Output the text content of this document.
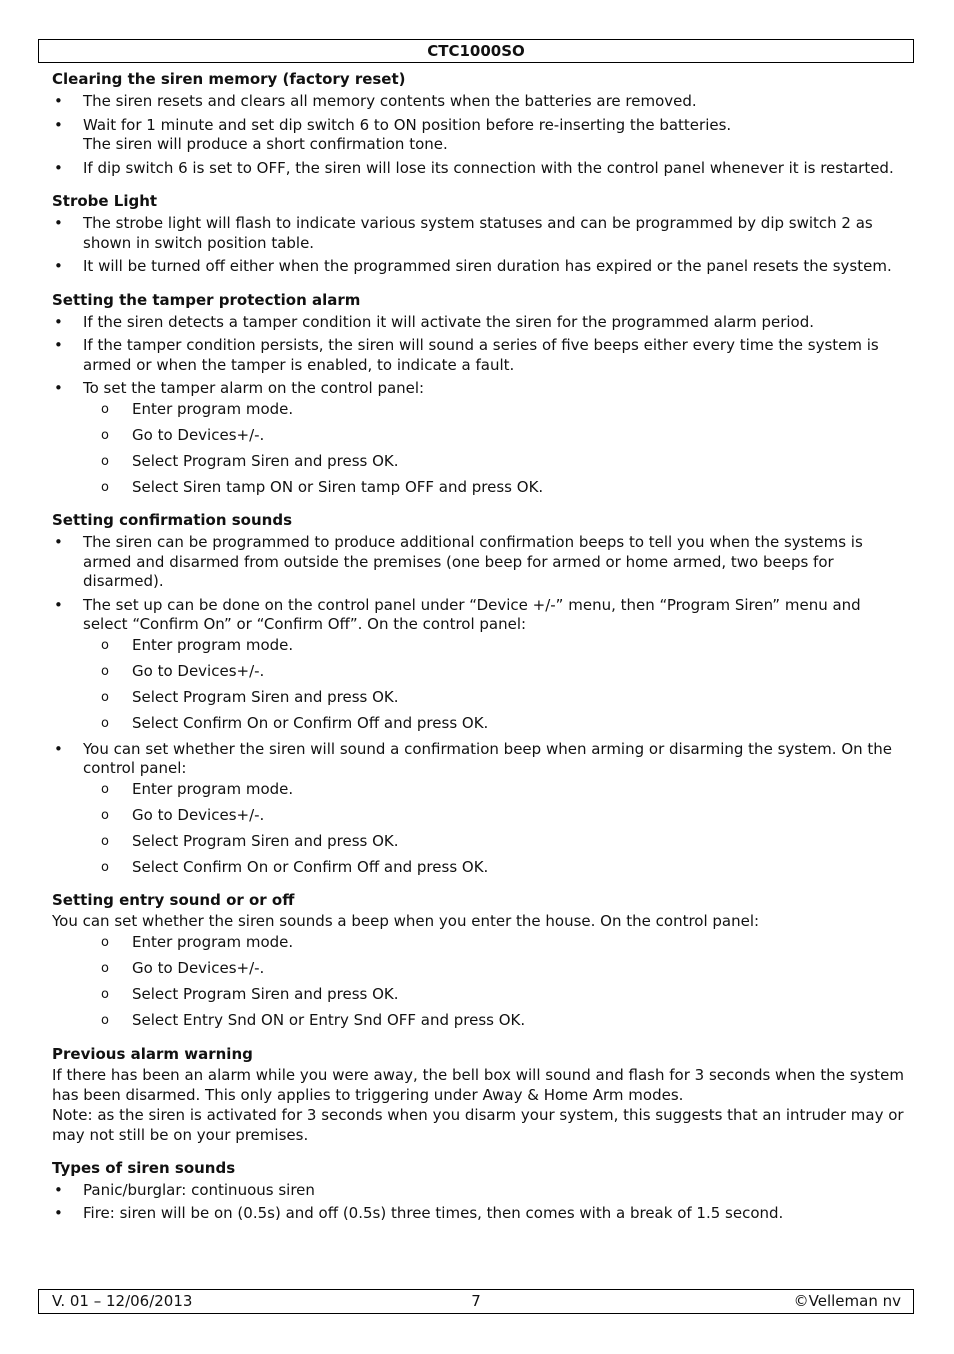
CTC1000SO

Clearing the siren memory (factory reset)

• The siren resets and clears all memory contents when the batteries are removed.
• Wait for 1 minute and set dip switch 6 to ON position before re-inserting the batteries.
The siren will produce a short confirmation tone.
• If dip switch 6 is set to OFF, the siren will lose its connection with the control panel whenever it is restarted.

Strobe Light

• The strobe light will flash to indicate various system statuses and can be programmed by dip switch 2 as shown in switch position table.
• It will be turned off either when the programmed siren duration has expired or the panel resets the system.

Setting the tamper protection alarm

• If the siren detects a tamper condition it will activate the siren for the programmed alarm period.
• If the tamper condition persists, the siren will sound a series of five beeps either every time the system is armed or when the tamper is enabled, to indicate a fault.
• To set the tamper alarm on the control panel:
o Enter program mode.
o Go to Devices+/-.
o Select Program Siren and press OK.
o Select Siren tamp ON or Siren tamp OFF and press OK.

Setting confirmation sounds

• The siren can be programmed to produce additional confirmation beeps to tell you when the systems is armed and disarmed from outside the premises (one beep for armed or home armed, two beeps for disarmed).
• The set up can be done on the control panel under “Device +/-” menu, then “Program Siren” menu and select “Confirm On” or “Confirm Off”. On the control panel:
o Enter program mode.
o Go to Devices+/-.
o Select Program Siren and press OK.
o Select Confirm On or Confirm Off and press OK.
• You can set whether the siren will sound a confirmation beep when arming or disarming the system. On the control panel:
o Enter program mode.
o Go to Devices+/-.
o Select Program Siren and press OK.
o Select Confirm On or Confirm Off and press OK.

Setting entry sound or or off

You can set whether the siren sounds a beep when you enter the house. On the control panel:

o Enter program mode.
o Go to Devices+/-.
o Select Program Siren and press OK.
o Select Entry Snd ON or Entry Snd OFF and press OK.

Previous alarm warning

If there has been an alarm while you were away, the bell box will sound and flash for 3 seconds when the system has been disarmed. This only applies to triggering under Away & Home Arm modes.

Note: as the siren is activated for 3 seconds when you disarm your system, this suggests that an intruder may or may not still be on your premises.

Types of siren sounds

• Panic/burglar: continuous siren
• Fire: siren will be on (0.5s) and off (0.5s) three times, then comes with a break of 1.5 second.
V. 01 – 12/06/2013	7	©Velleman nv
